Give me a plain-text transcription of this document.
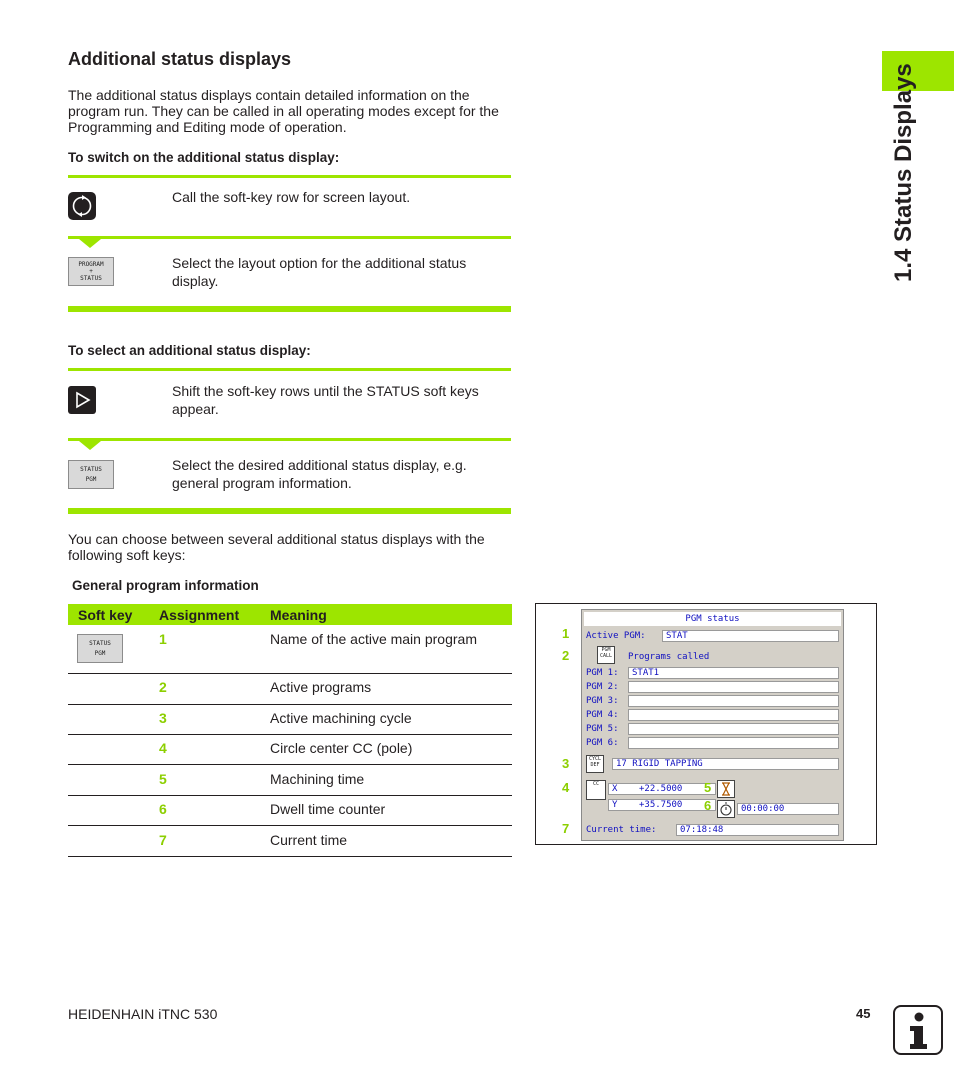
Additional status displays

The additional status displays contain detailed information on the program run. They can be called in all operating modes except for the Programming and Editing mode of operation.

To switch on the additional status display:
Call the soft-key row for screen layout.
PROGRAM
+
STATUS
Select the layout option for the additional status display.
To select an additional status display:
Shift the soft-key rows until the STATUS soft keys appear.
STATUS
PGM
Select the desired additional status display, e.g. general program information.

You can choose between several additional status displays with the following soft keys:

General program information
Soft key Assignment Meaning
STATUS
PGM
1	Name of the active main program
2	Active programs
3	Active machining cycle
4	Circle center CC (pole)
5	Machining time
6	Dwell time counter
7	Current time
1
2
3
4
7
PGM status
Active PGM: STAT
PGM
CALL	Programs called
PGM 1: STAT1
PGM 2:
PGM 3:
PGM 4:
PGM 5:
PGM 6:
CYCL
DEF	17 RIGID TAPPING
CC	X +22.5000
Y +35.7500
5
6	00:00:00
Current time:	07:18:48
1.4 Status Displays
HEIDENHAIN iTNC 530	45
